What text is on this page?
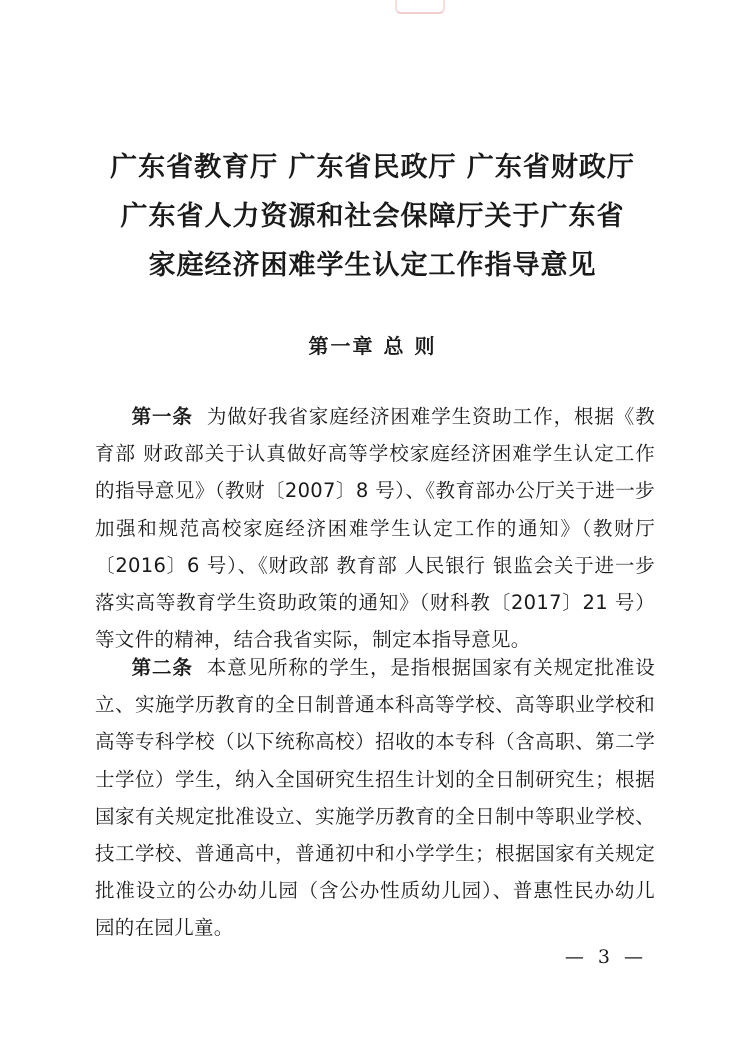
广东省教育厅 广东省民政厅 广东省财政厅
广东省人力资源和社会保障厅关于广东省
家庭经济困难学生认定工作指导意见
第一章 总 则
第一条 为做好我省家庭经济困难学生资助工作，根据《教育部 财政部关于认真做好高等学校家庭经济困难学生认定工作的指导意见》（教财〔2007〕8 号）、《教育部办公厅关于进一步加强和规范高校家庭经济困难学生认定工作的通知》（教财厅〔2016〕6 号）、《财政部 教育部 人民银行 银监会关于进一步落实高等教育学生资助政策的通知》（财科教〔2017〕21 号）等文件的精神，结合我省实际，制定本指导意见。
第二条 本意见所称的学生，是指根据国家有关规定批准设立、实施学历教育的全日制普通本科高等学校、高等职业学校和高等专科学校（以下统称高校）招收的本专科（含高职、第二学士学位）学生，纳入全国研究生招生计划的全日制研究生；根据国家有关规定批准设立、实施学历教育的全日制中等职业学校、技工学校、普通高中，普通初中和小学学生；根据国家有关规定批准设立的公办幼儿园（含公办性质幼儿园）、普惠性民办幼儿园的在园儿童。
— 3 —
